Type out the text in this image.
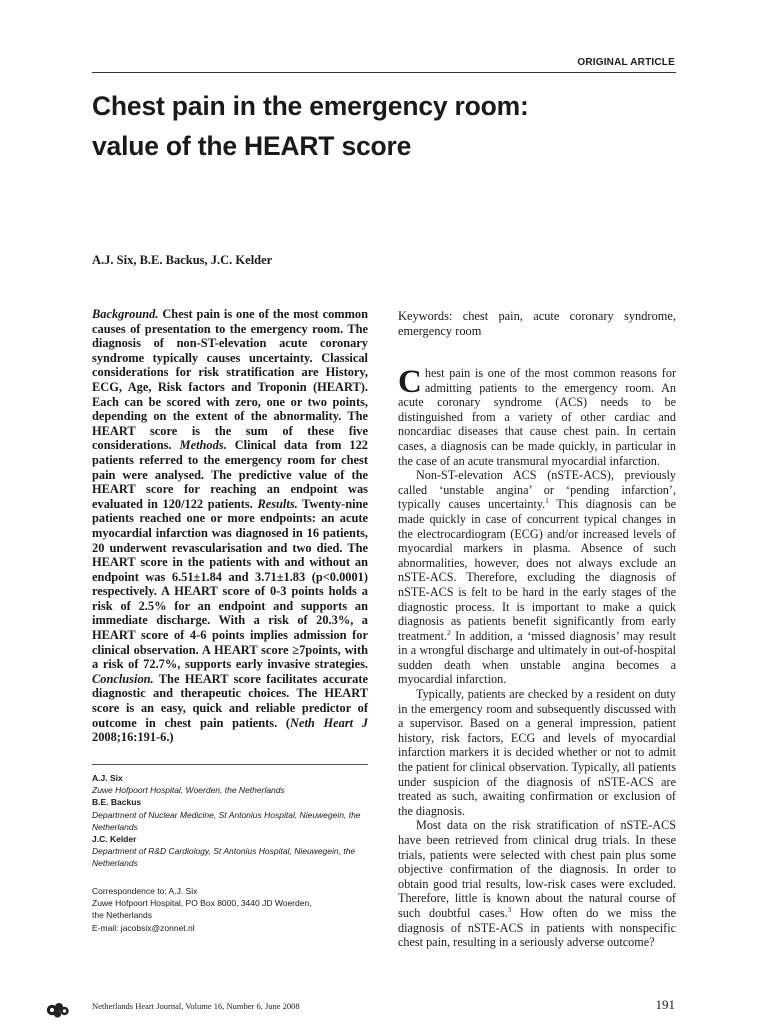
ORIGINAL ARTICLE
Chest pain in the emergency room:
value of the HEART score
A.J. Six, B.E. Backus, J.C. Kelder

Background. Chest pain is one of the most common causes of presentation to the emergency room. The diagnosis of non-ST-elevation acute coronary syndrome typically causes uncertainty. Classical considerations for risk stratification are History, ECG, Age, Risk factors and Troponin (HEART). Each can be scored with zero, one or two points, depending on the extent of the abnormality. The HEART score is the sum of these five considerations. Methods. Clinical data from 122 patients referred to the emergency room for chest pain were analysed. The predictive value of the HEART score for reaching an endpoint was evaluated in 120/122 patients. Results. Twenty-nine patients reached one or more endpoints: an acute myocardial infarction was diagnosed in 16 patients, 20 underwent revascularisation and two died. The HEART score in the patients with and without an endpoint was 6.51±1.84 and 3.71±1.83 (p<0.0001) respectively. A HEART score of 0-3 points holds a risk of 2.5% for an endpoint and supports an immediate discharge. With a risk of 20.3%, a HEART score of 4-6 points implies admission for clinical observation. A HEART score ≥7points, with a risk of 72.7%, supports early invasive strategies. Conclusion. The HEART score facilitates accurate diagnostic and therapeutic choices. The HEART score is an easy, quick and reliable predictor of outcome in chest pain patients. (Neth Heart J 2008;16:191-6.)

A.J. Six
Zuwe Hofpoort Hospital, Woerden, the Netherlands
B.E. Backus
Department of Nuclear Medicine, St Antonius Hospital, Nieuwegein, the Netherlands
J.C. Kelder
Department of R&D Cardiology, St Antonius Hospital, Nieuwegein, the Netherlands
Correspondence to: A.J. Six
Zuwe Hofpoort Hospital, PO Box 8000, 3440 JD Woerden,
the Netherlands
E-mail: jacobsix@zonnet.nl

Keywords: chest pain, acute coronary syndrome, emergency room

Chest pain is one of the most common reasons for admitting patients to the emergency room. An acute coronary syndrome (ACS) needs to be distinguished from a variety of other cardiac and noncardiac diseases that cause chest pain. In certain cases, a diagnosis can be made quickly, in particular in the case of an acute transmural myocardial infarction.

Non-ST-elevation ACS (nSTE-ACS), previously called ‘unstable angina’ or ‘pending infarction’, typically causes uncertainty.$^1$ This diagnosis can be made quickly in case of concurrent typical changes in the electrocardiogram (ECG) and/or increased levels of myocardial markers in plasma. Absence of such abnormalities, however, does not always exclude an nSTE-ACS. Therefore, excluding the diagnosis of nSTE-ACS is felt to be hard in the early stages of the diagnostic process. It is important to make a quick diagnosis as patients benefit significantly from early treatment.$^2$ In addition, a ‘missed diagnosis’ may result in a wrongful discharge and ultimately in out-of-hospital sudden death when unstable angina becomes a myocardial infarction.

Typically, patients are checked by a resident on duty in the emergency room and subsequently discussed with a supervisor. Based on a general impression, patient history, risk factors, ECG and levels of myocardial infarction markers it is decided whether or not to admit the patient for clinical observation. Typically, all patients under suspicion of the diagnosis of nSTE-ACS are treated as such, awaiting confirmation or exclusion of the diagnosis.

Most data on the risk stratification of nSTE-ACS have been retrieved from clinical drug trials. In these trials, patients were selected with chest pain plus some objective confirmation of the diagnosis. In order to obtain good trial results, low-risk cases were excluded. Therefore, little is known about the natural course of such doubtful cases.$^3$ How often do we miss the diagnosis of nSTE-ACS in patients with nonspecific chest pain, resulting in a seriously adverse outcome?

Netherlands Heart Journal, Volume 16, Number 6, June 2008	191
